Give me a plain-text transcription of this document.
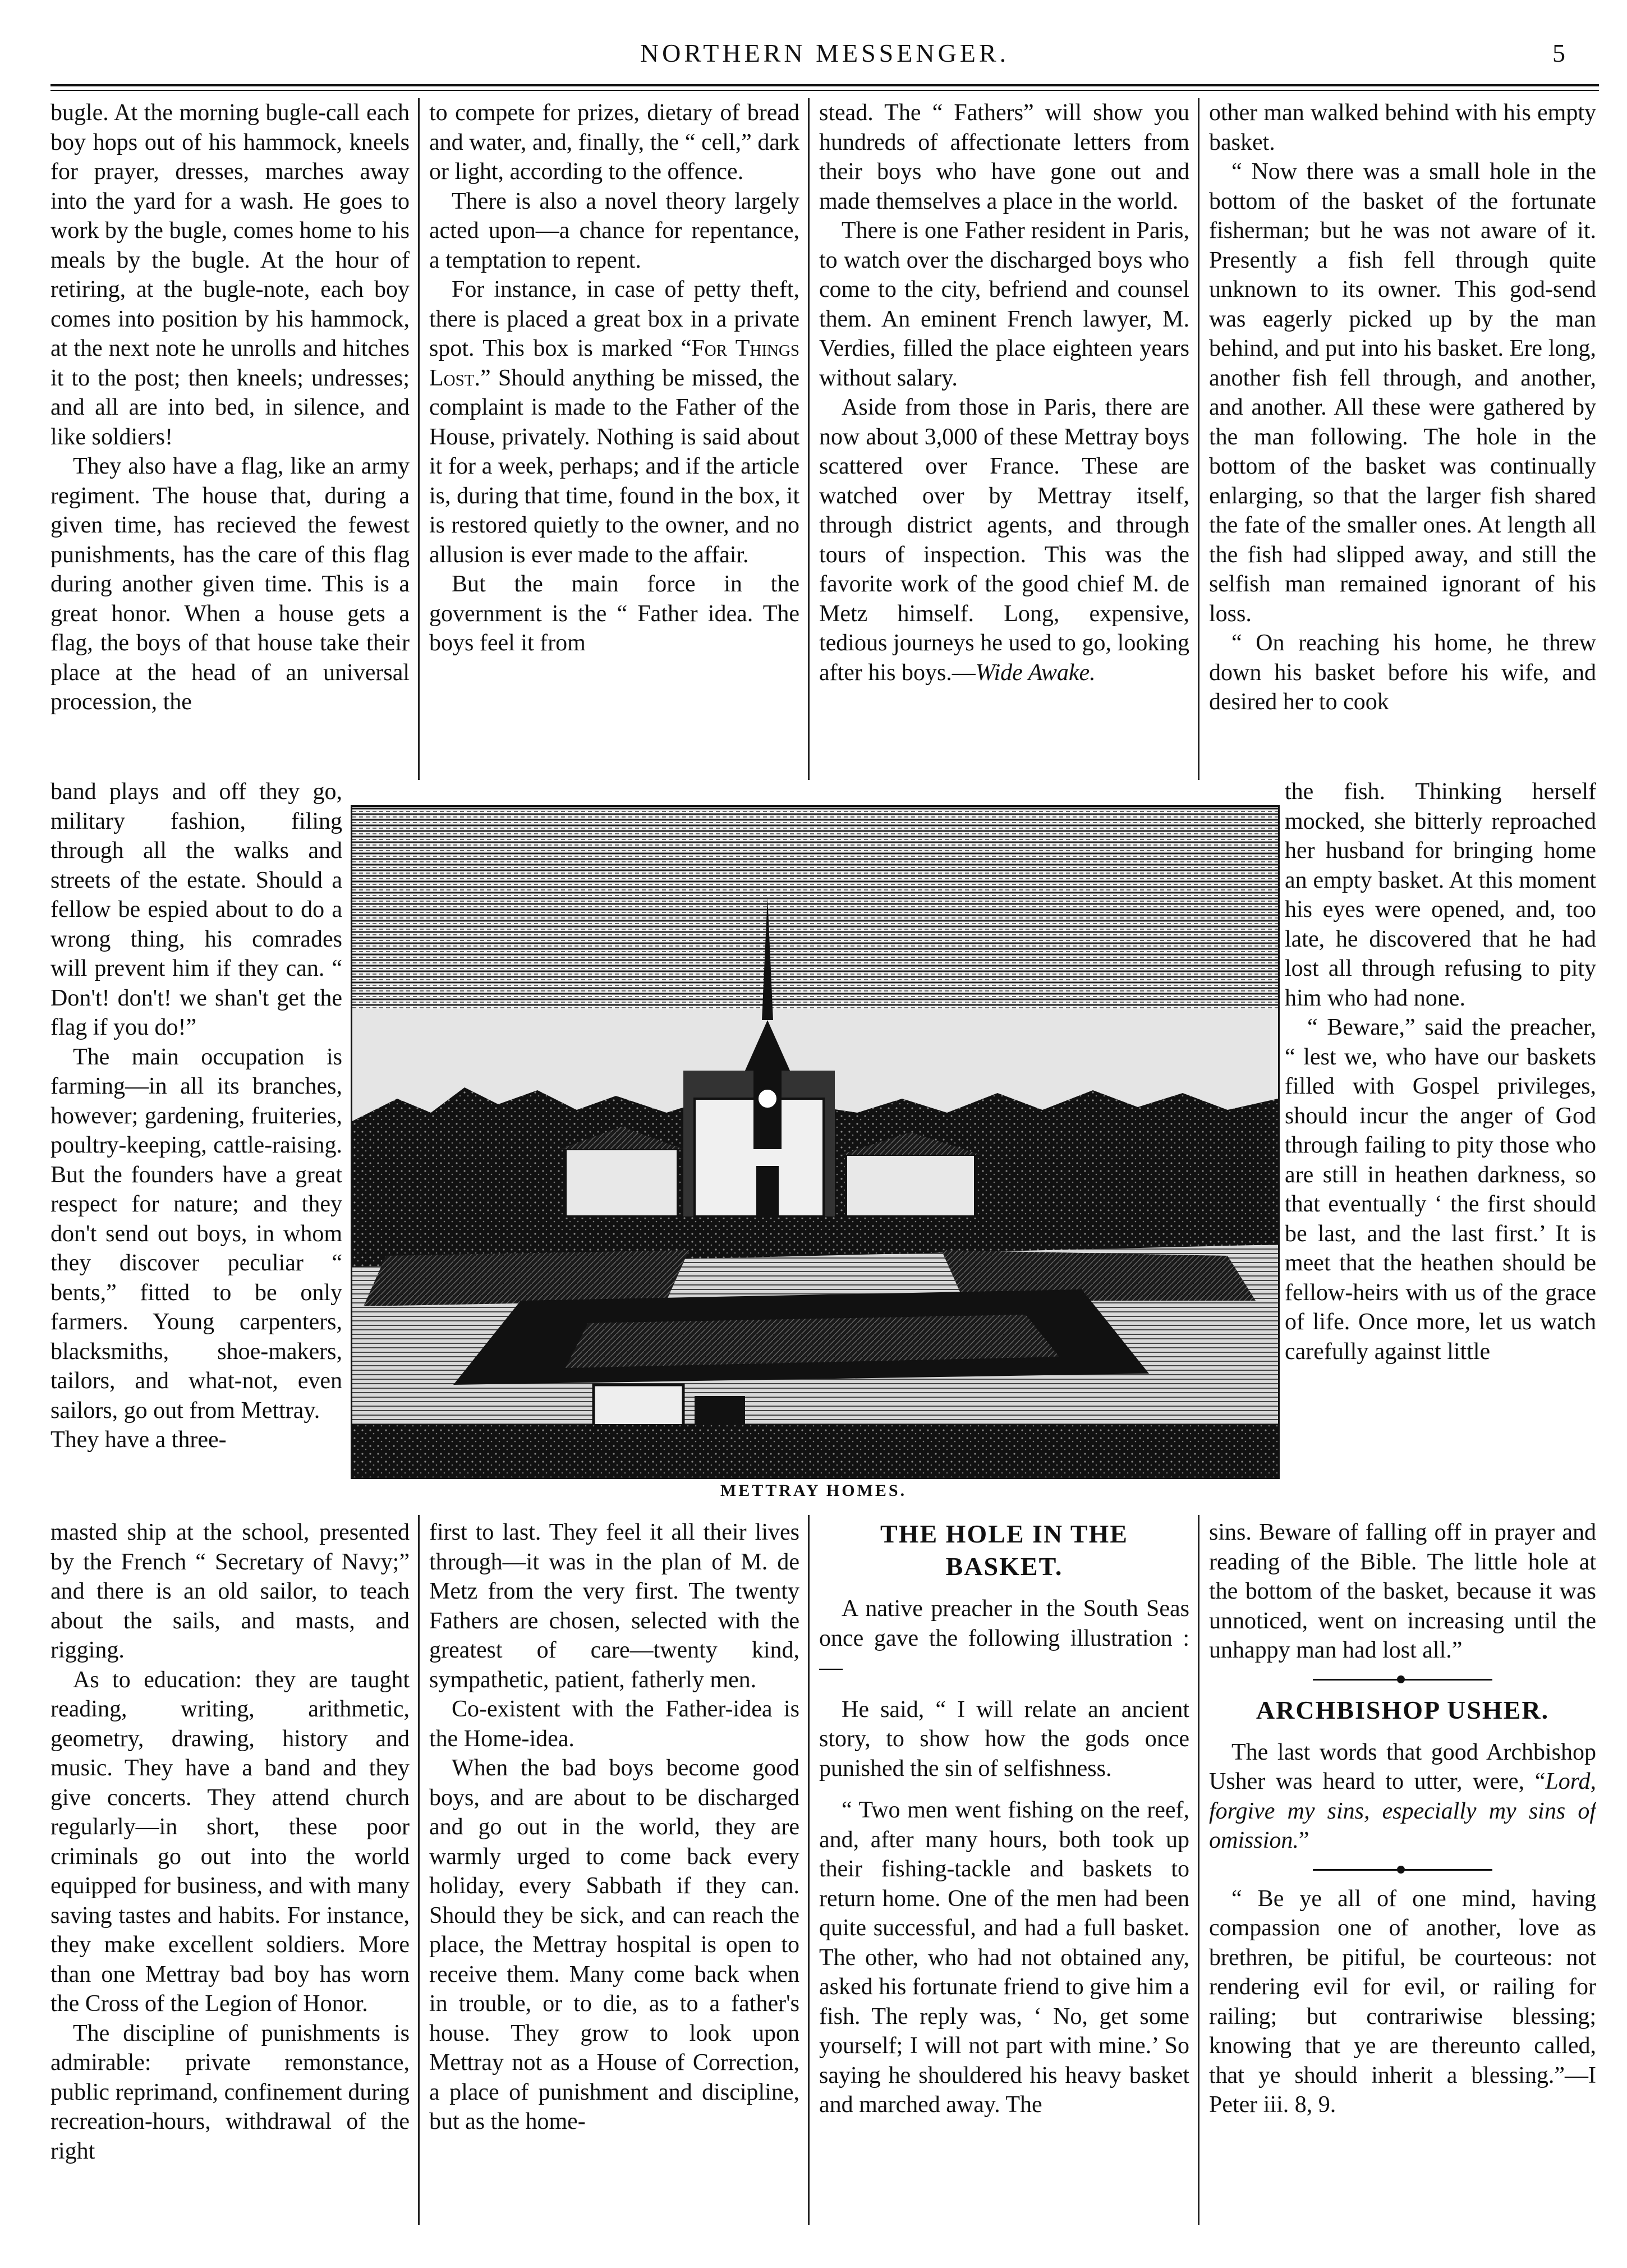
NORTHERN MESSENGER.	5

bugle. At the morning bugle-call each boy hops out of his hammock, kneels for prayer, dresses, marches away into the yard for a wash. He goes to work by the bugle, comes home to his meals by the bugle. At the hour of retiring, at the bugle-note, each boy comes into position by his hammock, at the next note he unrolls and hitches it to the post; then kneels; undresses; and all are into bed, in silence, and like soldiers!

They also have a flag, like an army regiment. The house that, during a given time, has recieved the fewest punishments, has the care of this flag during another given time. This is a great honor. When a house gets a flag, the boys of that house take their place at the head of an universal procession, the

to compete for prizes, dietary of bread and water, and, finally, the “ cell,” dark or light, according to the offence.

There is also a novel theory largely acted upon—a chance for repentance, a temptation to repent.

For instance, in case of petty theft, there is placed a great box in a private spot. This box is marked “For Things Lost.” Should anything be missed, the complaint is made to the Father of the House, privately. Nothing is said about it for a week, perhaps; and if the article is, during that time, found in the box, it is restored quietly to the owner, and no allusion is ever made to the affair.

But the main force in the government is the “ Father idea. The boys feel it from

stead. The “ Fathers” will show you hundreds of affectionate letters from their boys who have gone out and made themselves a place in the world.

There is one Father resident in Paris, to watch over the discharged boys who come to the city, befriend and counsel them. An eminent French lawyer, M. Verdies, filled the place eighteen years without salary.

Aside from those in Paris, there are now about 3,000 of these Mettray boys scattered over France. These are watched over by Mettray itself, through district agents, and through tours of inspection. This was the favorite work of the good chief M. de Metz himself. Long, expensive, tedious journeys he used to go, looking after his boys.—Wide Awake.

other man walked behind with his empty basket.

“ Now there was a small hole in the bottom of the basket of the fortunate fisherman; but he was not aware of it. Presently a fish fell through quite unknown to its owner. This god-send was eagerly picked up by the man behind, and put into his basket. Ere long, another fish fell through, and another, and another. All these were gathered by the man following. The hole in the bottom of the basket was continually enlarging, so that the larger fish shared the fate of the smaller ones. At length all the fish had slipped away, and still the selfish man remained ignorant of his loss.

“ On reaching his home, he threw down his basket before his wife, and desired her to cook

band plays and off they go, military fashion, filing through all the walks and streets of the estate. Should a fellow be espied about to do a wrong thing, his comrades will prevent him if they can. “ Don't! don't! we shan't get the flag if you do!”

The main occupation is farming—in all its branches, however; gardening, fruiteries, poultry-keeping, cattle-raising. But the founders have a great respect for nature; and they don't send out boys, in whom they discover peculiar “ bents,” fitted to be only farmers. Young carpenters, blacksmiths, shoe-makers, tailors, and what-not, even sailors, go out from Mettray.

They have a three-

the fish. Thinking herself mocked, she bitterly reproached her husband for bringing home an empty basket. At this moment his eyes were opened, and, too late, he discovered that he had lost all through refusing to pity him who had none.

“ Beware,” said the preacher, “ lest we, who have our baskets filled with Gospel privileges, should incur the anger of God through failing to pity those who are still in heathen darkness, so that eventually ‘ the first should be last, and the last first.’ It is meet that the heathen should be fellow-heirs with us of the grace of life. Once more, let us watch carefully against little

METTRAY HOMES.

masted ship at the school, presented by the French “ Secretary of Navy;” and there is an old sailor, to teach about the sails, and masts, and rigging.

As to education: they are taught reading, writing, arithmetic, geometry, drawing, history and music. They have a band and they give concerts. They attend church regularly—in short, these poor criminals go out into the world equipped for business, and with many saving tastes and habits. For instance, they make excellent soldiers. More than one Mettray bad boy has worn the Cross of the Legion of Honor.

The discipline of punishments is admirable: private remonstance, public reprimand, confinement during recreation-hours, withdrawal of the right

first to last. They feel it all their lives through—it was in the plan of M. de Metz from the very first. The twenty Fathers are chosen, selected with the greatest of care—twenty kind, sympathetic, patient, fatherly men.

Co-existent with the Father-idea is the Home-idea.

When the bad boys become good boys, and are about to be discharged and go out in the world, they are warmly urged to come back every holiday, every Sabbath if they can. Should they be sick, and can reach the place, the Mettray hospital is open to receive them. Many come back when in trouble, or to die, as to a father's house. They grow to look upon Mettray not as a House of Correction, a place of punishment and discipline, but as the home-

THE HOLE IN THE BASKET.

A native preacher in the South Seas once gave the following illustration :—

He said, “ I will relate an ancient story, to show how the gods once punished the sin of selfishness.

“ Two men went fishing on the reef, and, after many hours, both took up their fishing-tackle and baskets to return home. One of the men had been quite successful, and had a full basket. The other, who had not obtained any, asked his fortunate friend to give him a fish. The reply was, ‘ No, get some yourself; I will not part with mine.’ So saying he shouldered his heavy basket and marched away. The

sins. Beware of falling off in prayer and reading of the Bible. The little hole at the bottom of the basket, because it was unnoticed, went on increasing until the unhappy man had lost all.”

ARCHBISHOP USHER.

The last words that good Archbishop Usher was heard to utter, were, “Lord, forgive my sins, especially my sins of omission.”

“ Be ye all of one mind, having compassion one of another, love as brethren, be pitiful, be courteous: not rendering evil for evil, or railing for railing; but contrariwise blessing; knowing that ye are thereunto called, that ye should inherit a blessing.”—I Peter iii. 8, 9.
